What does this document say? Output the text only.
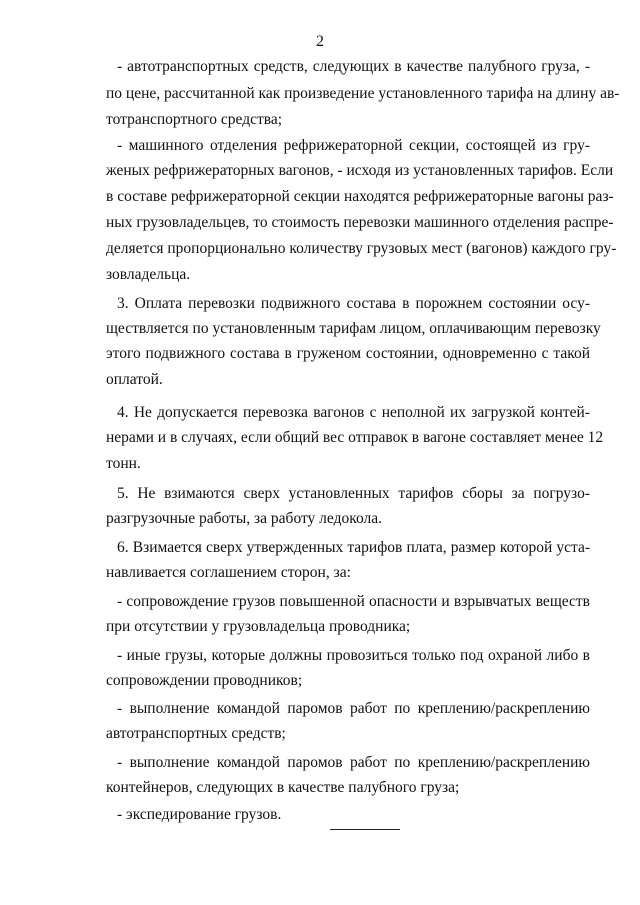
2
- автотранспортных средств, следующих в качестве палубного груза, -
по цене, рассчитанной как произведение установленного тарифа на длину ав-
тотранспортного средства;
- машинного отделения рефрижераторной секции, состоящей из гру-
женых рефрижераторных вагонов, - исходя из установленных тарифов. Если
в составе рефрижераторной секции находятся рефрижераторные вагоны раз-
ных грузовладельцев, то стоимость перевозки машинного отделения распре-
деляется пропорционально количеству грузовых мест (вагонов) каждого гру-
зовладельца.
3. Оплата перевозки подвижного состава в порожнем состоянии осу-
ществляется по установленным тарифам лицом, оплачивающим перевозку
этого подвижного состава в груженом состоянии, одновременно с такой
оплатой.
4. Не допускается перевозка вагонов с неполной их загрузкой контей-
нерами и в случаях, если общий вес отправок в вагоне составляет менее 12
тонн.
5. Не взимаются сверх установленных тарифов сборы за погрузо-
разгрузочные работы, за работу ледокола.
6. Взимается сверх утвержденных тарифов плата, размер которой уста-
навливается соглашением сторон, за:
- сопровождение грузов повышенной опасности и взрывчатых веществ
при отсутствии у грузовладельца проводника;
- иные грузы, которые должны провозиться только под охраной либо в
сопровождении проводников;
- выполнение командой паромов работ по креплению/раскреплению
автотранспортных средств;
- выполнение командой паромов работ по креплению/раскреплению
контейнеров, следующих в качестве палубного груза;
- экспедирование грузов.
